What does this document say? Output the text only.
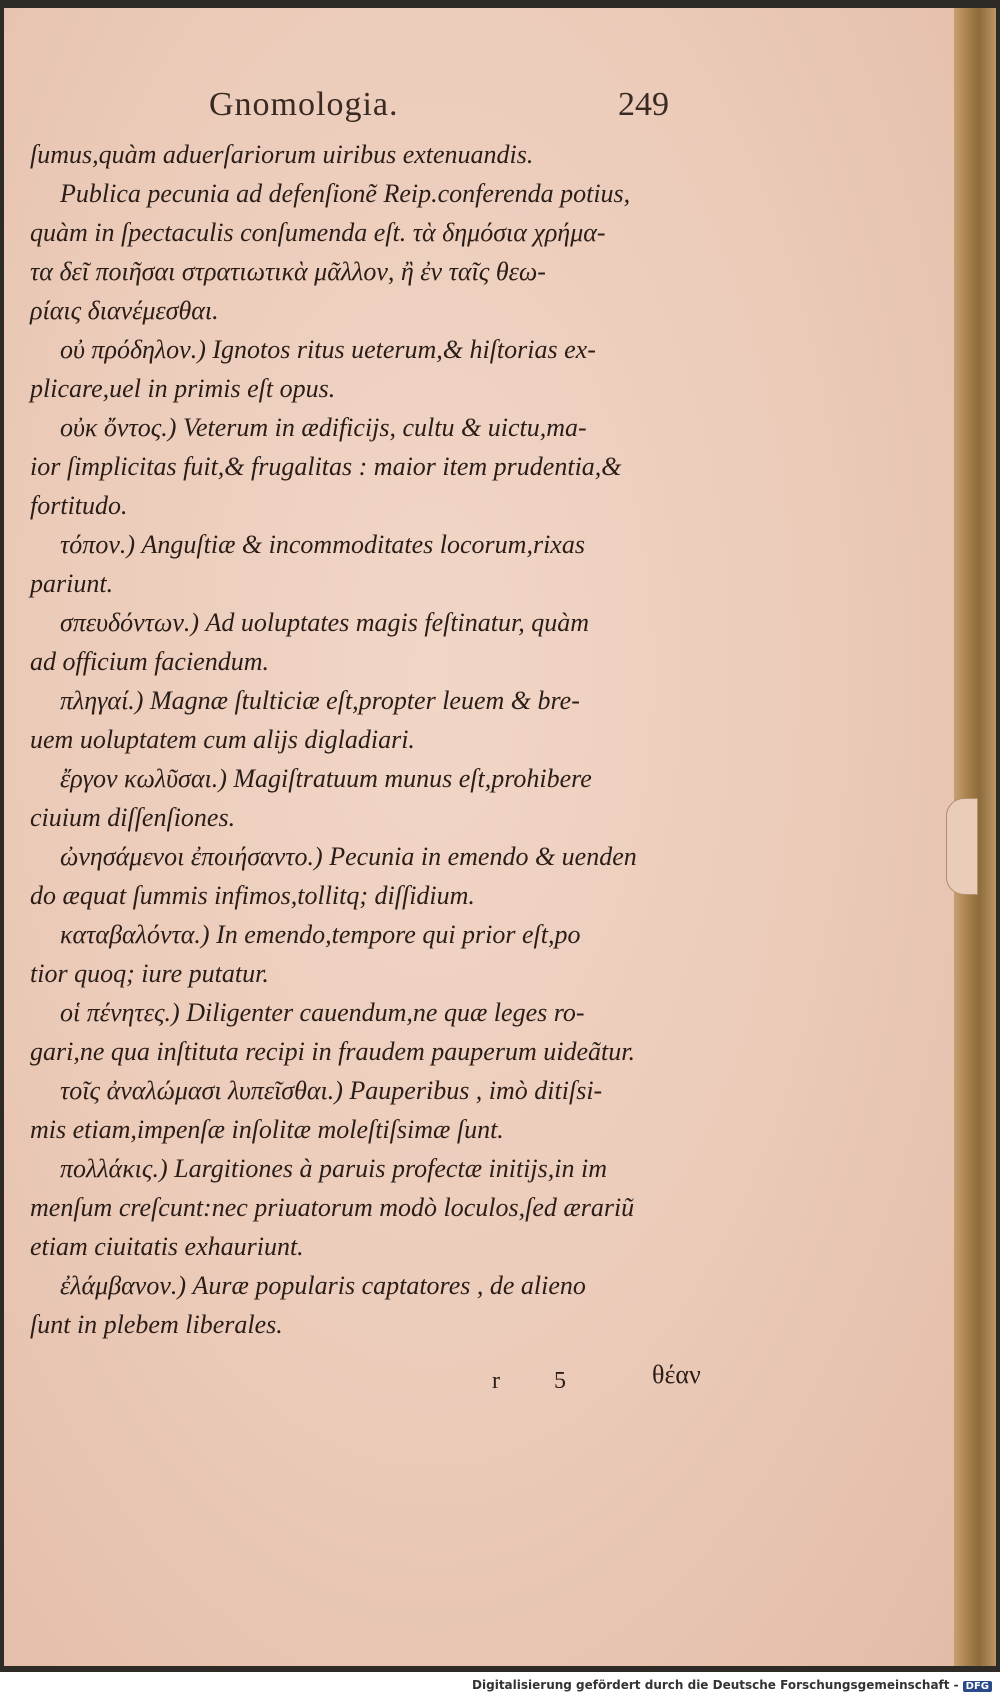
Gnomologia.	249
ſumus,quàm aduerſariorum uiribus extenuandis.
Publica pecunia ad defenſionẽ Reip.conferenda potius,
quàm in ſpectaculis conſumenda eſt. τὰ δημόσια χρήμα-
τα δεῖ ποιῆσαι στρατιωτικὰ μᾶλλον, ἢ ἐν ταῖς θεω-
ρίαις διανέμεσθαι.
οὐ πρόδηλον.) Ignotos ritus ueterum,& hiſtorias ex-
plicare,uel in primis eſt opus.
οὐκ ὄντος.) Veterum in ædificijs, cultu & uictu,ma-
ior ſimplicitas fuit,& frugalitas : maior item prudentia,&
fortitudo.
τόπον.) Anguſtiæ & incommoditates locorum,rixas
pariunt.
σπευδόντων.) Ad uoluptates magis feſtinatur, quàm
ad officium faciendum.
πληγαί.) Magnæ ſtulticiæ eſt,propter leuem & bre-
uem uoluptatem cum alijs digladiari.
ἔργον κωλῦσαι.) Magiſtratuum munus eſt,prohibere
ciuium diſſenſiones.
ὠνησάμενοι ἐποιήσαντο.) Pecunia in emendo & uenden
do æquat ſummis infimos,tollitq; diſſidium.
καταβαλόντα.) In emendo,tempore qui prior eſt,po
tior quoq; iure putatur.
οἱ πένητες.) Diligenter cauendum,ne quæ leges ro-
gari,ne qua inſtituta recipi in fraudem pauperum uideãtur.
τοῖς ἀναλώμασι λυπεῖσθαι.) Pauperibus , imò ditiſsi-
mis etiam,impenſæ inſolitæ moleſtiſsimæ ſunt.
πολλάκις.) Largitiones à paruis profectæ initijs,in im
menſum creſcunt:nec priuatorum modò loculos,ſed ærariũ
etiam ciuitatis exhauriunt.
ἐλάμβανον.) Auræ popularis captatores , de alieno
ſunt in plebem liberales.
r 5 θέαν
Digitalisierung gefördert durch die Deutsche Forschungsgemeinschaft - DFG
